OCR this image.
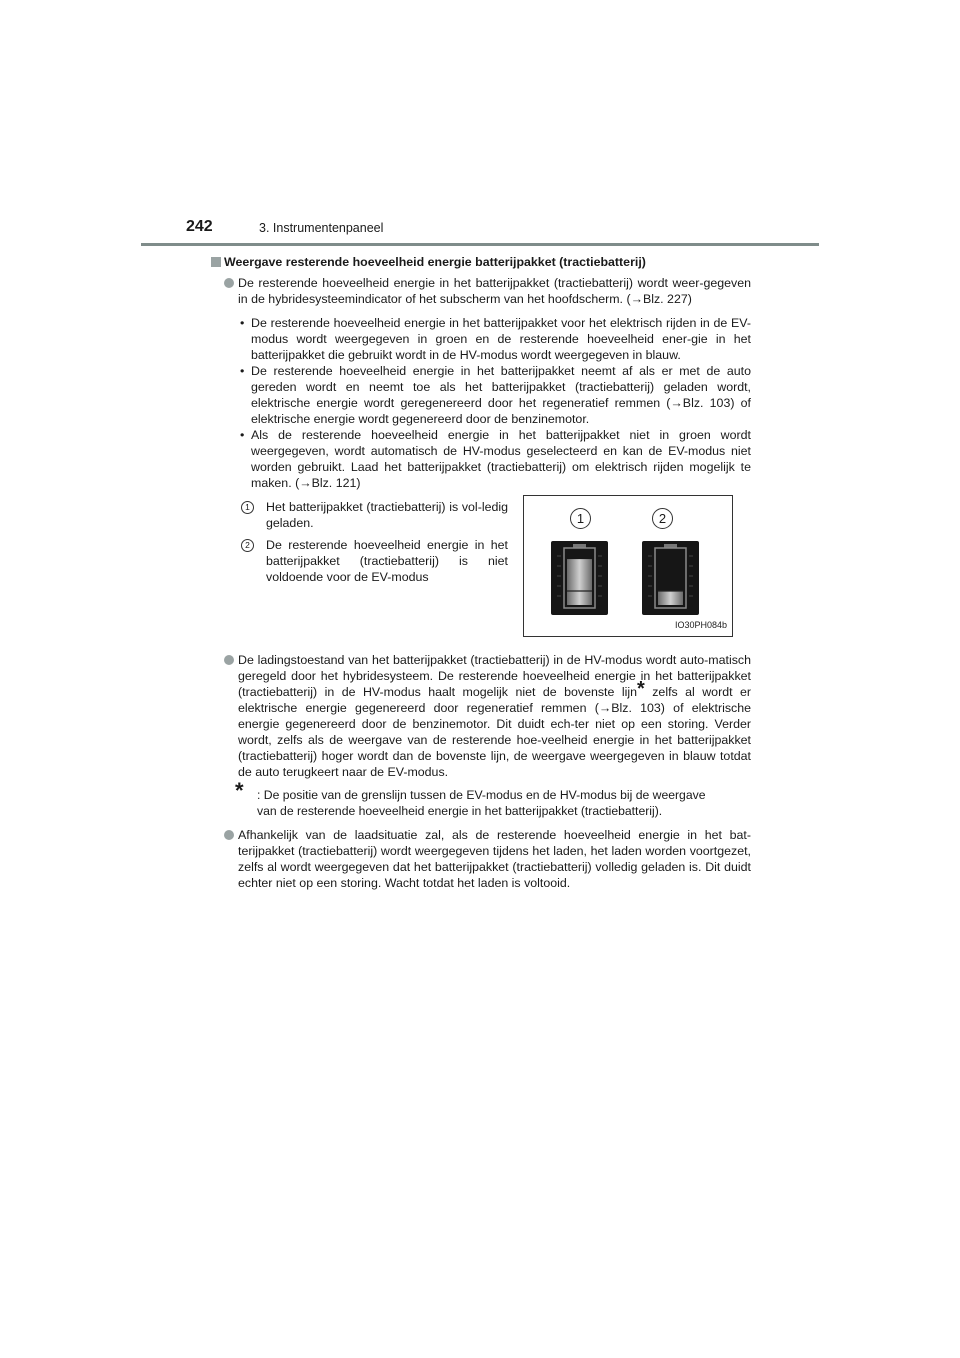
242	3. Instrumentenpaneel
Weergave resterende hoeveelheid energie batterijpakket (tractiebatterij)
De resterende hoeveelheid energie in het batterijpakket (tractiebatterij) wordt weer-gegeven in de hybridesysteemindicator of het subscherm van het hoofdscherm. (→Blz. 227)
• De resterende hoeveelheid energie in het batterijpakket voor het elektrisch rijden in de EV-modus wordt weergegeven in groen en de resterende hoeveelheid ener-gie in het batterijpakket die gebruikt wordt in de HV-modus wordt weergegeven in blauw.
• De resterende hoeveelheid energie in het batterijpakket neemt af als er met de auto gereden wordt en neemt toe als het batterijpakket (tractiebatterij) geladen wordt, elektrische energie wordt geregenereerd door het regeneratief remmen (→Blz. 103) of elektrische energie wordt gegenereerd door de benzinemotor.
• Als de resterende hoeveelheid energie in het batterijpakket niet in groen wordt weergegeven, wordt automatisch de HV-modus geselecteerd en kan de EV-modus niet worden gebruikt. Laad het batterijpakket (tractiebatterij) om elektrisch rijden mogelijk te maken. (→Blz. 121)
1	Het batterijpakket (tractiebatterij) is vol-ledig geladen.
2	De resterende hoeveelheid energie in het batterijpakket (tractiebatterij) is niet voldoende voor de EV-modus
1	2
IO30PH084b
De ladingstoestand van het batterijpakket (tractiebatterij) in de HV-modus wordt auto-matisch geregeld door het hybridesysteem. De resterende hoeveelheid energie in het batterijpakket (tractiebatterij) in de HV-modus haalt mogelijk niet de bovenste lijn* zelfs al wordt er elektrische energie gegenereerd door regeneratief remmen (→Blz. 103) of elektrische energie gegenereerd door de benzinemotor. Dit duidt ech-ter niet op een storing. Verder wordt, zelfs als de weergave van de resterende hoe-veelheid energie in het batterijpakket (tractiebatterij) hoger wordt dan de bovenste lijn, de weergave weergegeven in blauw totdat de auto terugkeert naar de EV-modus.
*	: De positie van de grenslijn tussen de EV-modus en de HV-modus bij de weergave
van de resterende hoeveelheid energie in het batterijpakket (tractiebatterij).
Afhankelijk van de laadsituatie zal, als de resterende hoeveelheid energie in het bat-terijpakket (tractiebatterij) wordt weergegeven tijdens het laden, het laden worden voortgezet, zelfs al wordt weergegeven dat het batterijpakket (tractiebatterij) volledig geladen is. Dit duidt echter niet op een storing. Wacht totdat het laden is voltooid.
